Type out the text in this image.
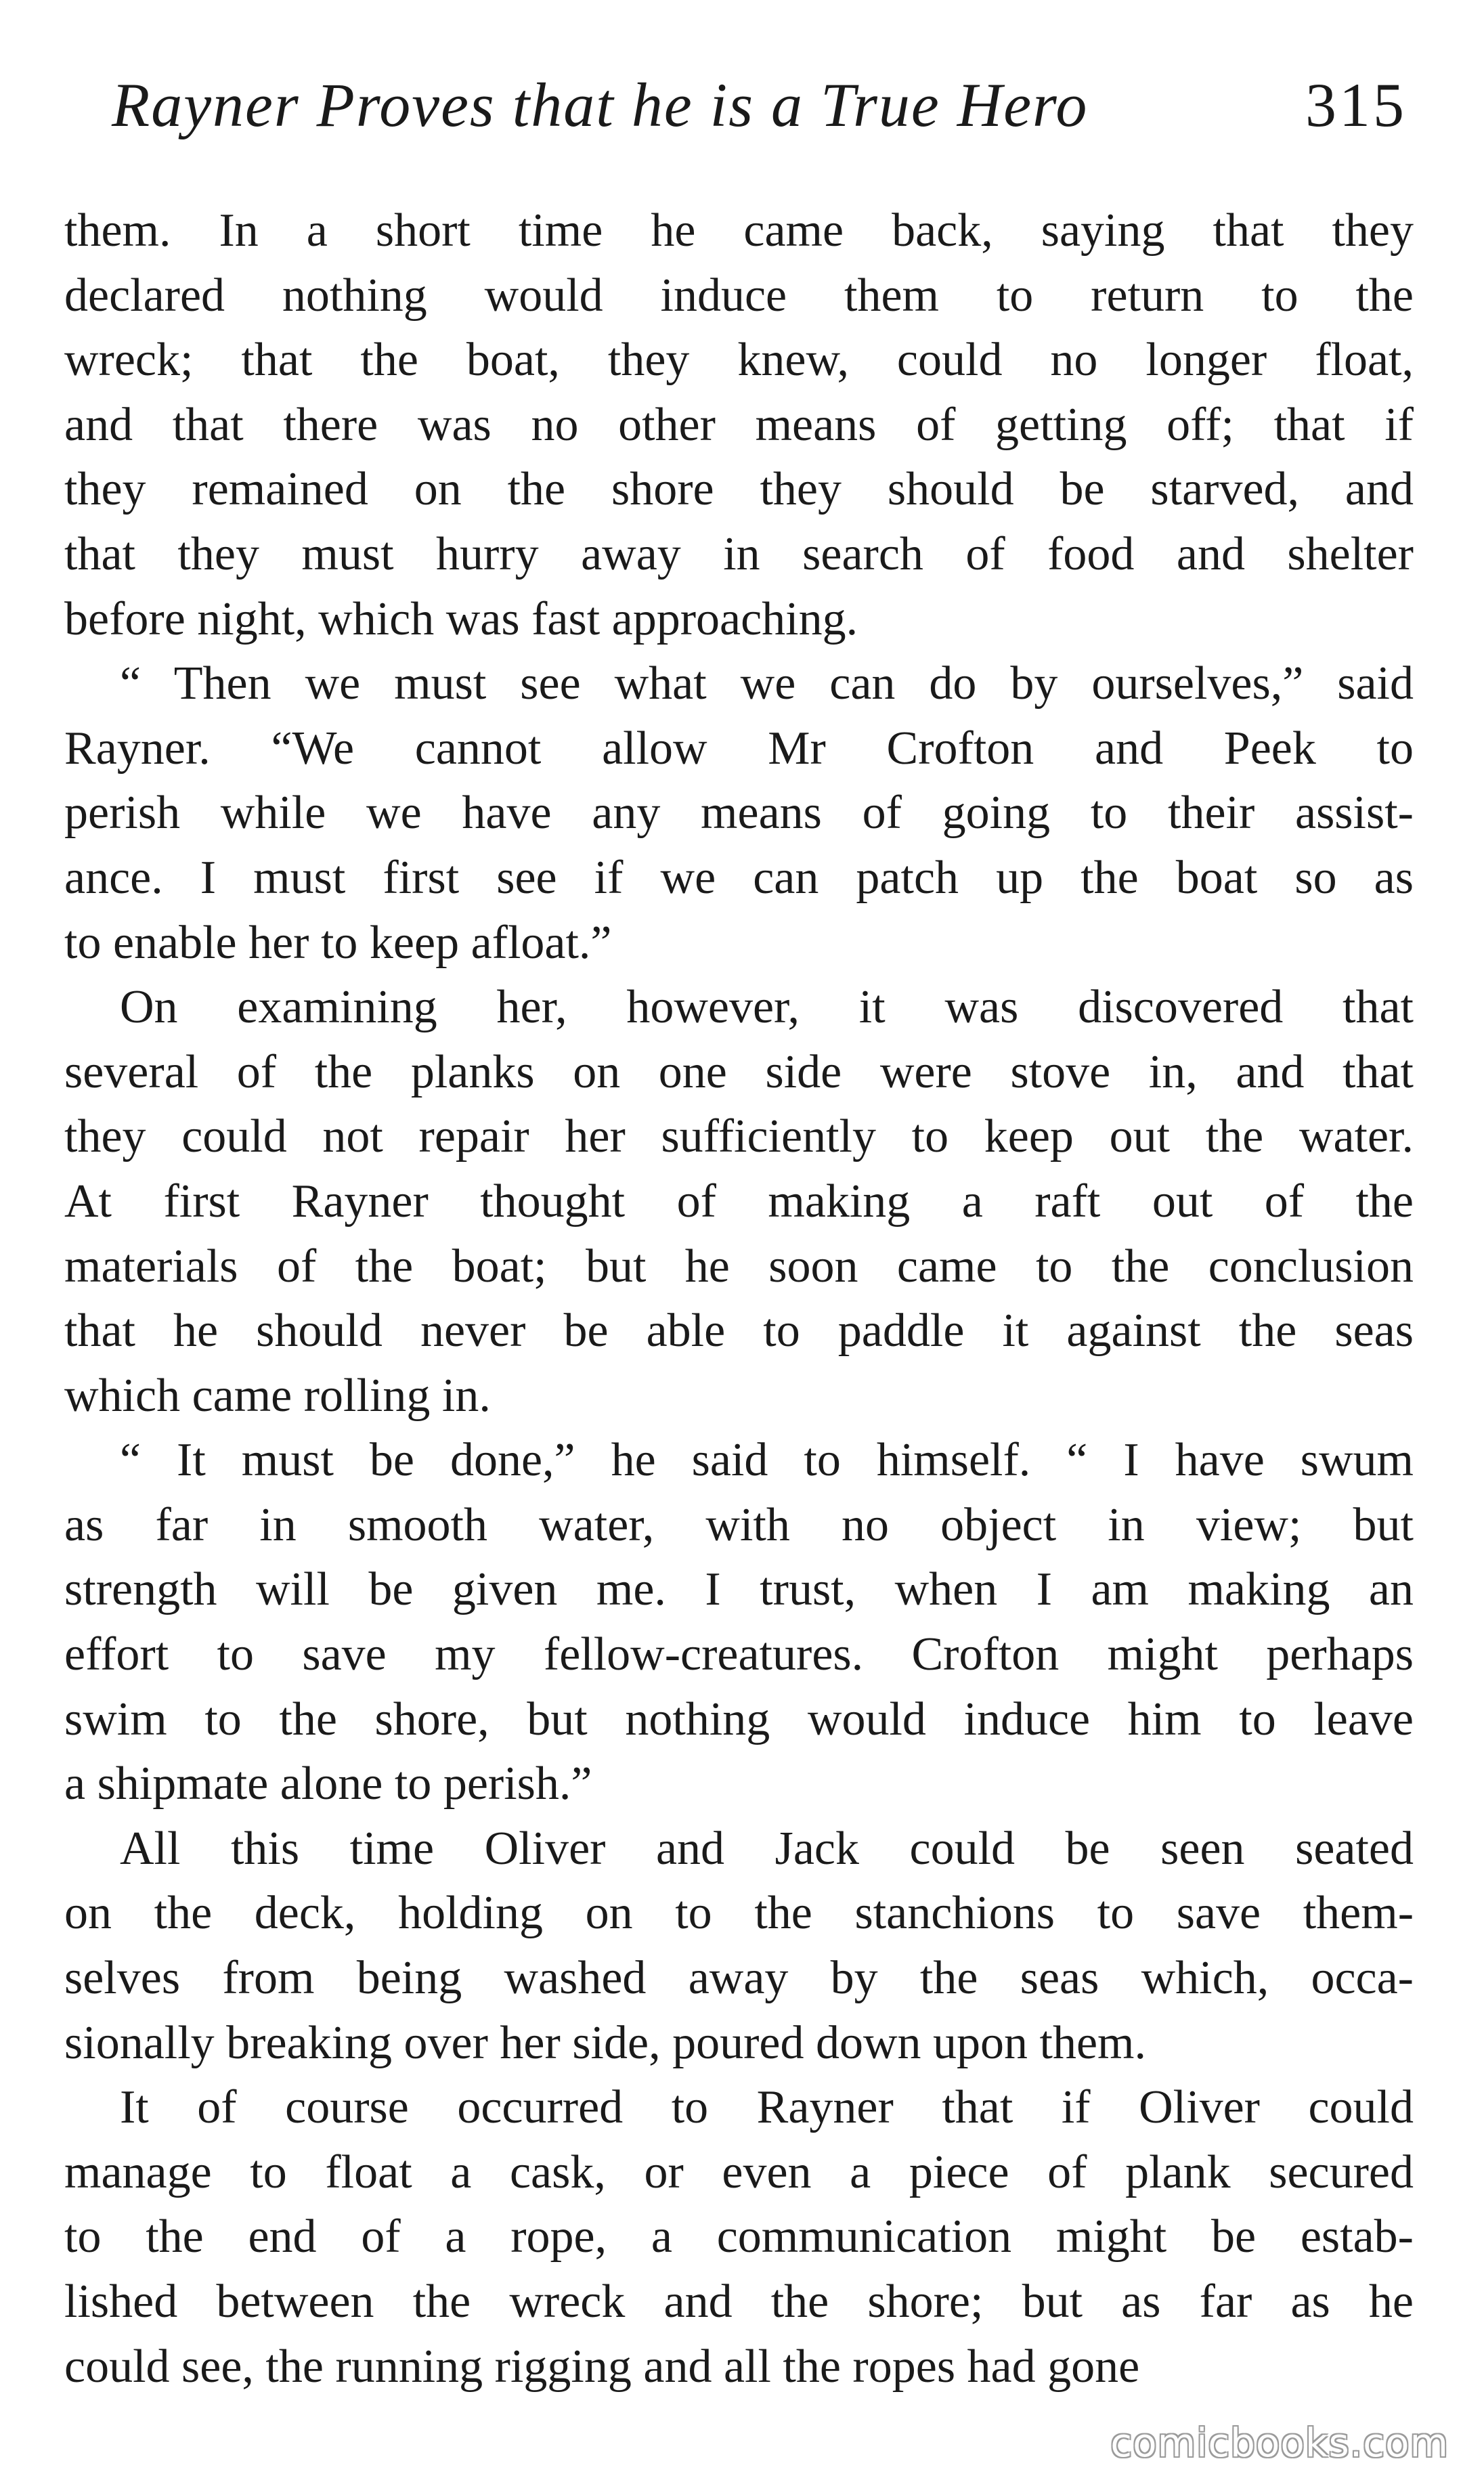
Rayner Proves that he is a True Hero	315
them. In a short time he came back, saying that they
declared nothing would induce them to return to the
wreck; that the boat, they knew, could no longer float,
and that there was no other means of getting off; that if
they remained on the shore they should be starved, and
that they must hurry away in search of food and shelter
before night, which was fast approaching.
“ Then we must see what we can do by ourselves,” said
Rayner. “We cannot allow Mr Crofton and Peek to
perish while we have any means of going to their assist-
ance. I must first see if we can patch up the boat so as
to enable her to keep afloat.”
On examining her, however, it was discovered that
several of the planks on one side were stove in, and that
they could not repair her sufficiently to keep out the water.
At first Rayner thought of making a raft out of the
materials of the boat; but he soon came to the conclusion
that he should never be able to paddle it against the seas
which came rolling in.
“ It must be done,” he said to himself. “ I have swum
as far in smooth water, with no object in view; but
strength will be given me. I trust, when I am making an
effort to save my fellow-creatures. Crofton might perhaps
swim to the shore, but nothing would induce him to leave
a shipmate alone to perish.”
All this time Oliver and Jack could be seen seated
on the deck, holding on to the stanchions to save them-
selves from being washed away by the seas which, occa-
sionally breaking over her side, poured down upon them.
It of course occurred to Rayner that if Oliver could
manage to float a cask, or even a piece of plank secured
to the end of a rope, a communication might be estab-
lished between the wreck and the shore; but as far as he
could see, the running rigging and all the ropes had gone
comicbooks.com
